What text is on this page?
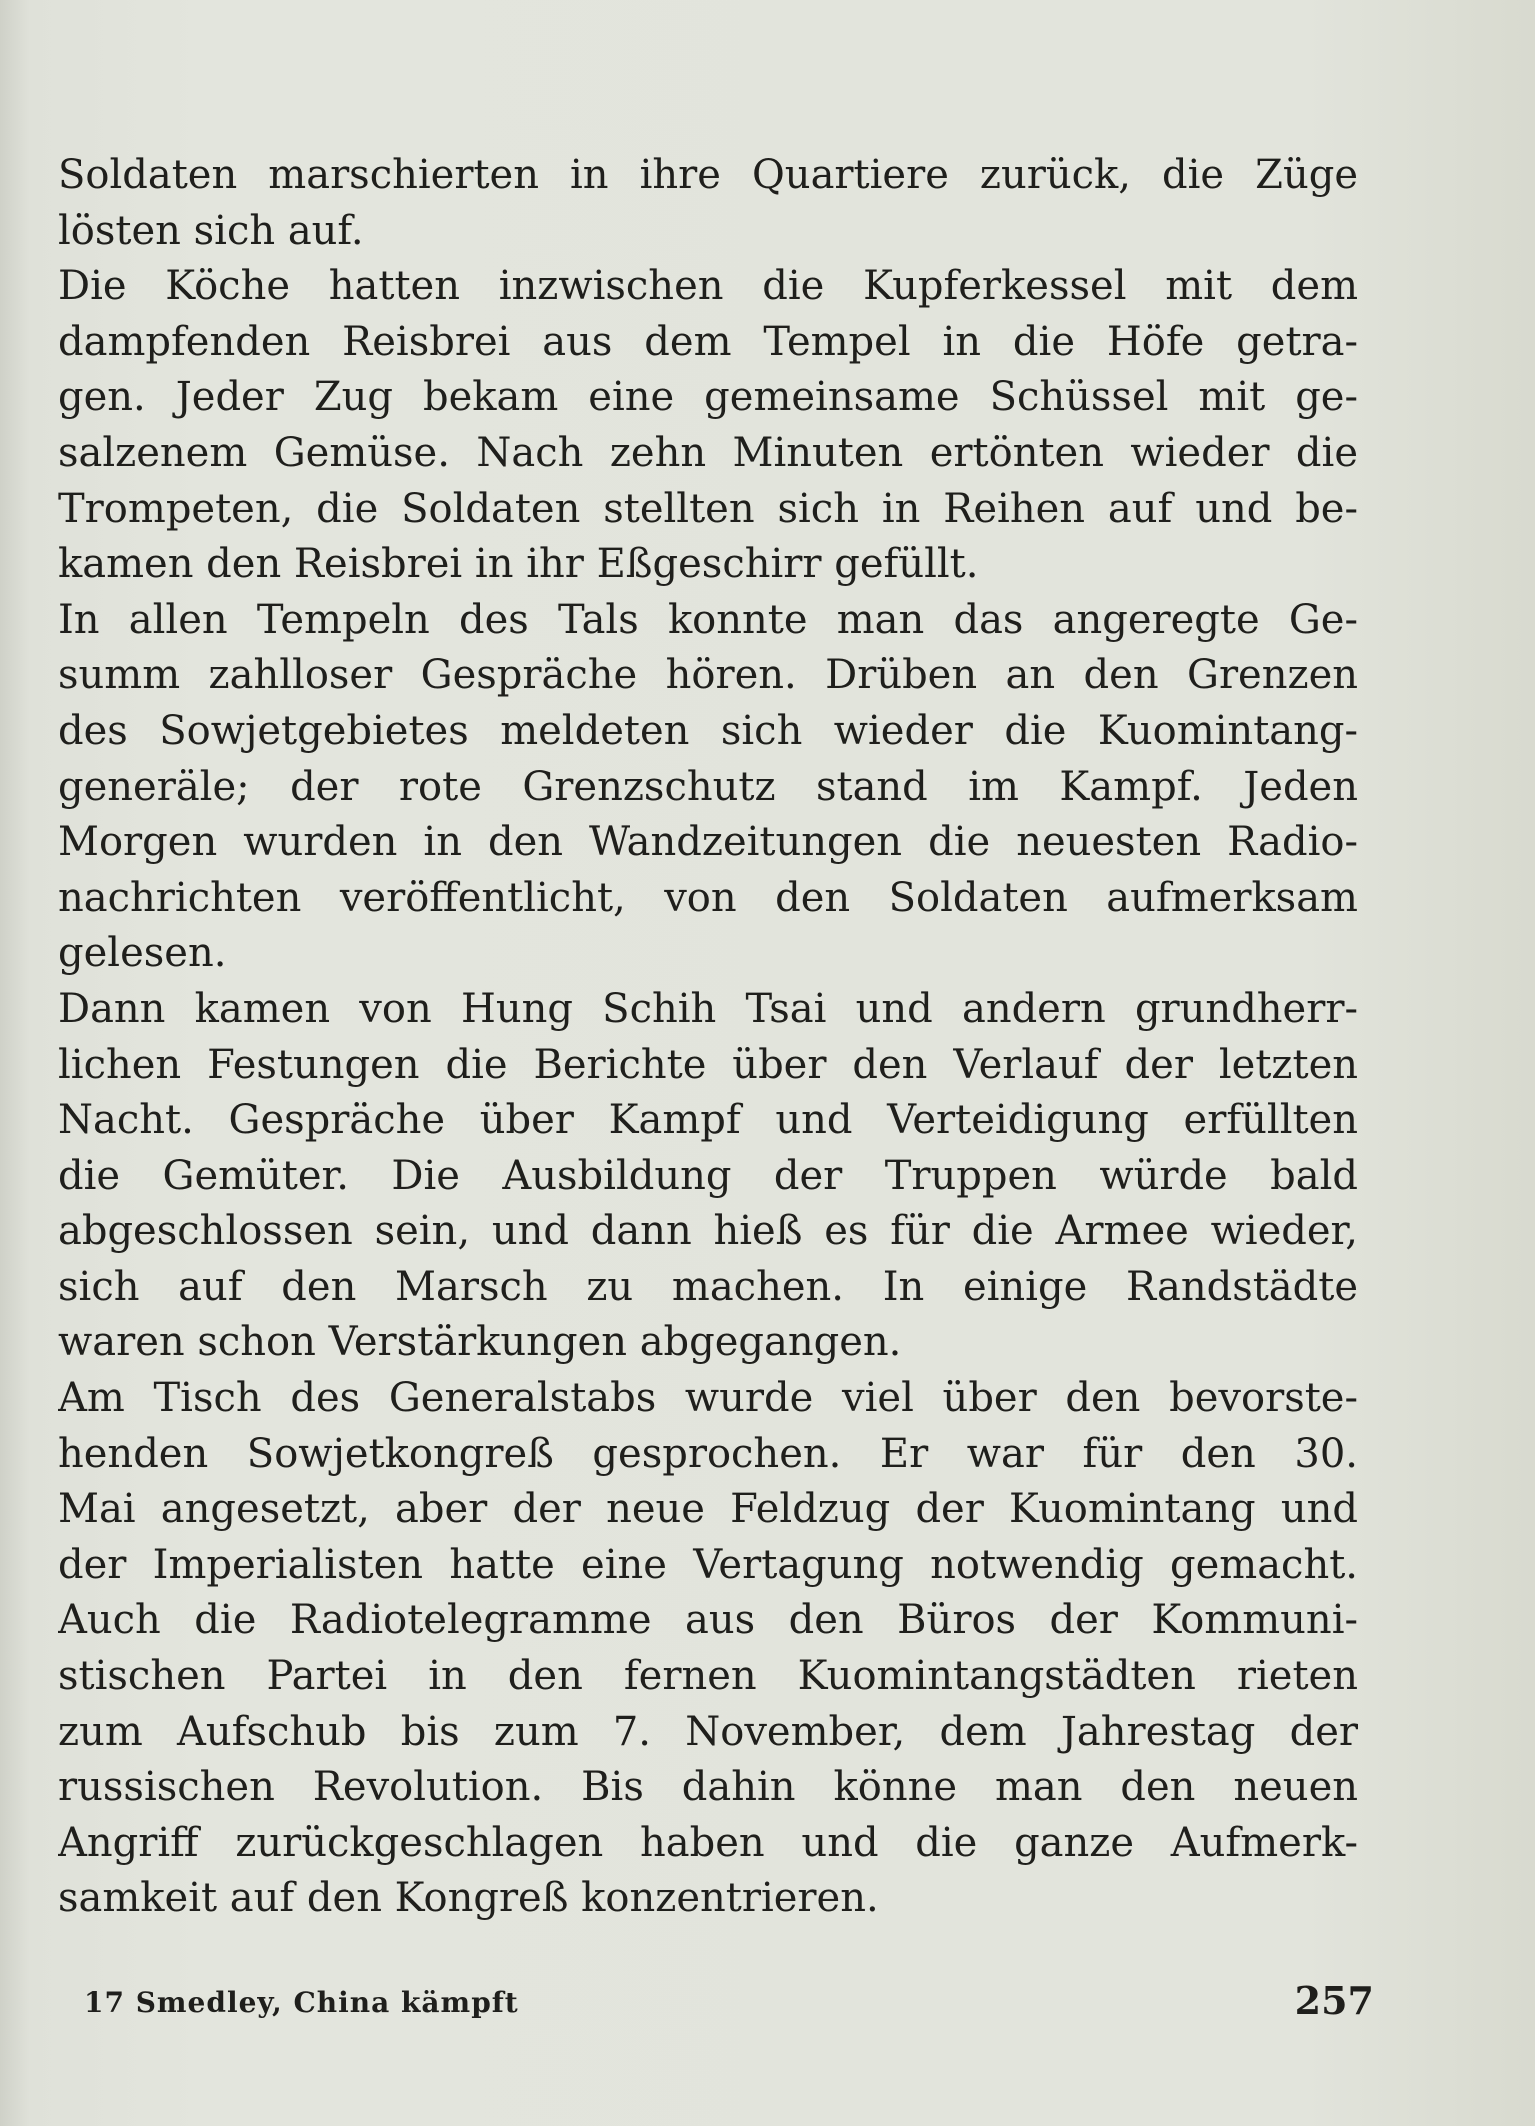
Soldaten marschierten in ihre Quartiere zurück, die Züge
lösten sich auf.
Die Köche hatten inzwischen die Kupferkessel mit dem
dampfenden Reisbrei aus dem Tempel in die Höfe getra-
gen. Jeder Zug bekam eine gemeinsame Schüssel mit ge-
salzenem Gemüse. Nach zehn Minuten ertönten wieder die
Trompeten, die Soldaten stellten sich in Reihen auf und be-
kamen den Reisbrei in ihr Eßgeschirr gefüllt.
In allen Tempeln des Tals konnte man das angeregte Ge-
summ zahlloser Gespräche hören. Drüben an den Grenzen
des Sowjetgebietes meldeten sich wieder die Kuomintang-
generäle; der rote Grenzschutz stand im Kampf. Jeden
Morgen wurden in den Wandzeitungen die neuesten Radio-
nachrichten veröffentlicht, von den Soldaten aufmerksam
gelesen.
Dann kamen von Hung Schih Tsai und andern grundherr-
lichen Festungen die Berichte über den Verlauf der letzten
Nacht. Gespräche über Kampf und Verteidigung erfüllten
die Gemüter. Die Ausbildung der Truppen würde bald
abgeschlossen sein, und dann hieß es für die Armee wieder,
sich auf den Marsch zu machen. In einige Randstädte
waren schon Verstärkungen abgegangen.
Am Tisch des Generalstabs wurde viel über den bevorste-
henden Sowjetkongreß gesprochen. Er war für den 30.
Mai angesetzt, aber der neue Feldzug der Kuomintang und
der Imperialisten hatte eine Vertagung notwendig gemacht.
Auch die Radiotelegramme aus den Büros der Kommuni-
stischen Partei in den fernen Kuomintangstädten rieten
zum Aufschub bis zum 7. November, dem Jahrestag der
russischen Revolution. Bis dahin könne man den neuen
Angriff zurückgeschlagen haben und die ganze Aufmerk-
samkeit auf den Kongreß konzentrieren.
17 Smedley, China kämpft	257
